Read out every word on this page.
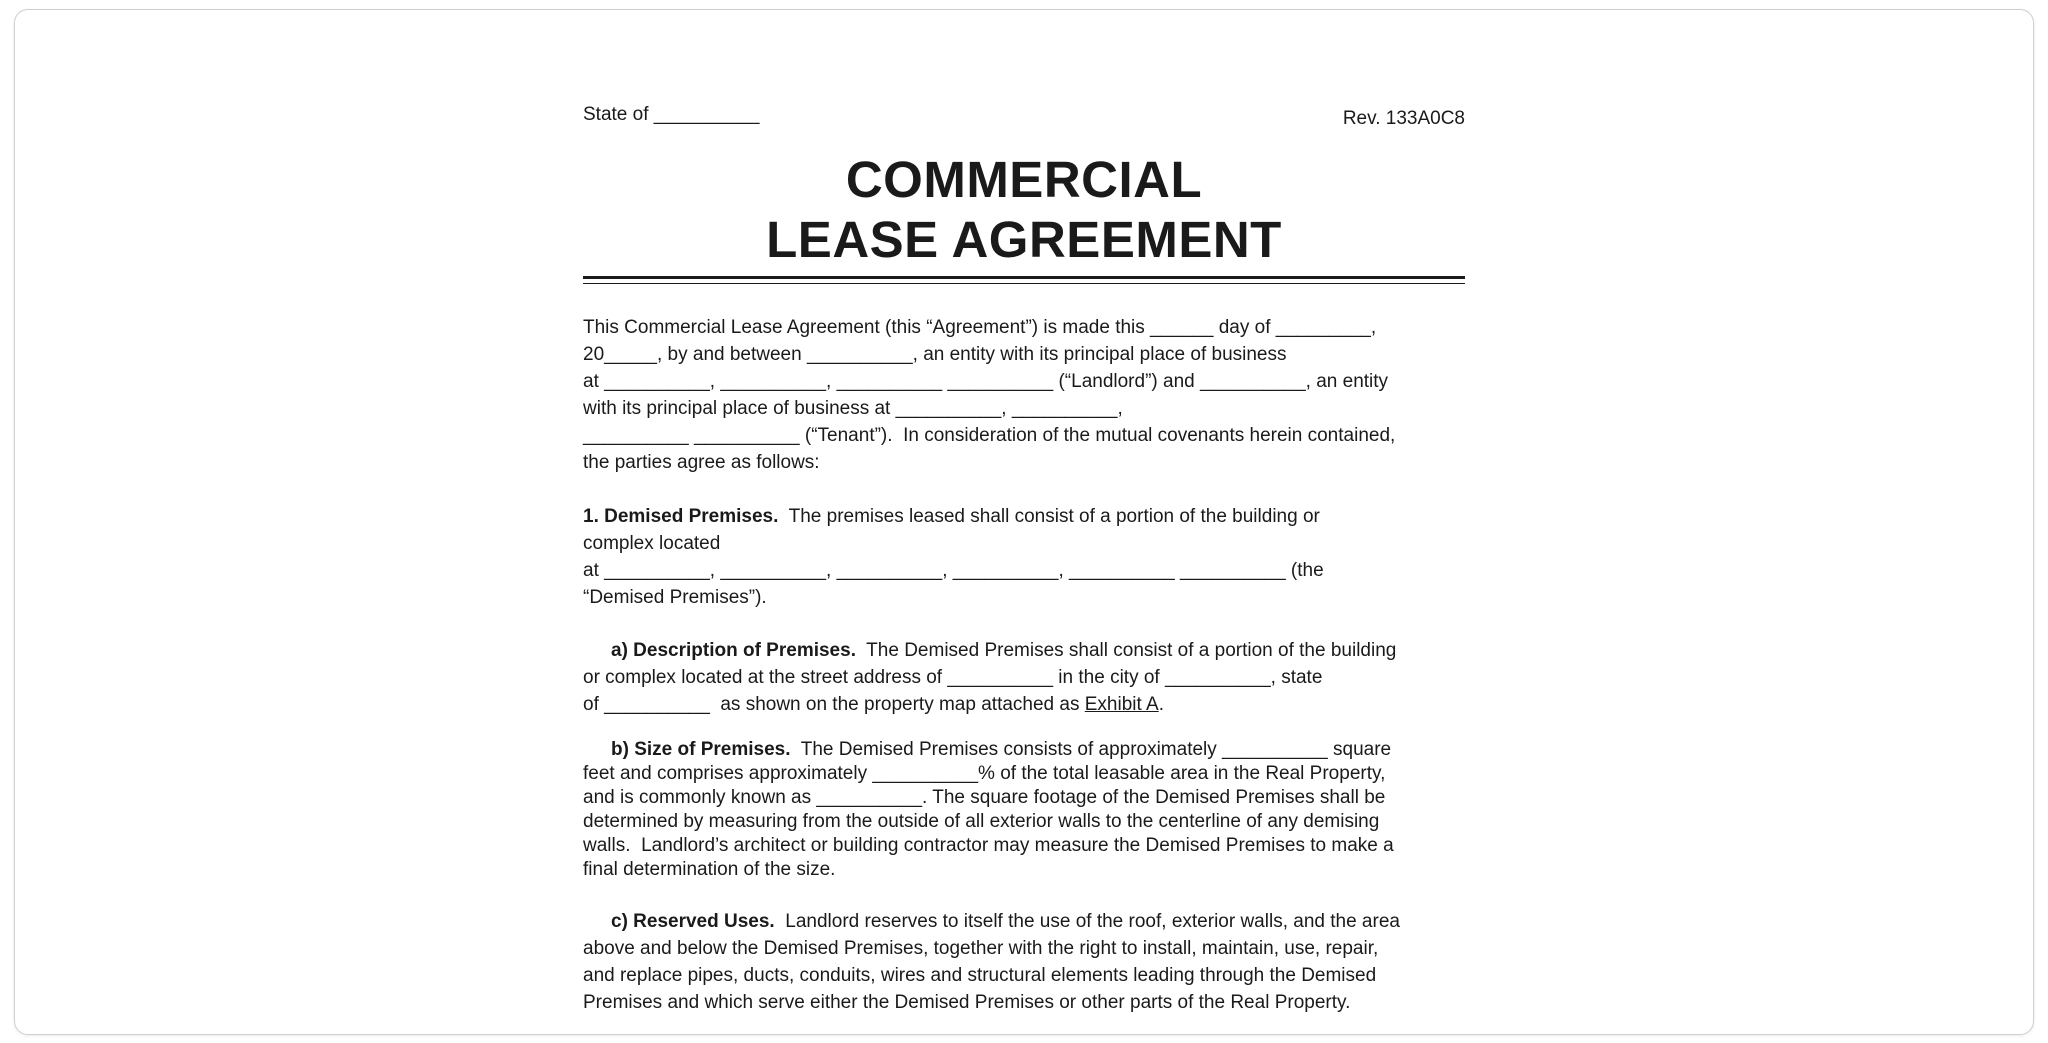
State of __________	Rev. 133A0C8
COMMERCIAL
LEASE AGREEMENT

This Commercial Lease Agreement (this “Agreement”) is made this ______ day of _________,
20_____, by and between __________, an entity with its principal place of business
at __________, __________, __________ __________ (“Landlord”) and __________, an entity
with its principal place of business at __________, __________,
__________ __________ (“Tenant”).  In consideration of the mutual covenants herein contained,
the parties agree as follows:

1. Demised Premises.  The premises leased shall consist of a portion of the building or
complex located
at __________, __________, __________, __________, __________ __________ (the
“Demised Premises”).

a) Description of Premises.  The Demised Premises shall consist of a portion of the building
or complex located at the street address of __________ in the city of __________, state
of __________  as shown on the property map attached as Exhibit A.

b) Size of Premises.  The Demised Premises consists of approximately __________ square
feet and comprises approximately __________% of the total leasable area in the Real Property,
and is commonly known as __________. The square footage of the Demised Premises shall be
determined by measuring from the outside of all exterior walls to the centerline of any demising
walls.  Landlord’s architect or building contractor may measure the Demised Premises to make a
final determination of the size.

c) Reserved Uses.  Landlord reserves to itself the use of the roof, exterior walls, and the area
above and below the Demised Premises, together with the right to install, maintain, use, repair,
and replace pipes, ducts, conduits, wires and structural elements leading through the Demised
Premises and which serve either the Demised Premises or other parts of the Real Property.
